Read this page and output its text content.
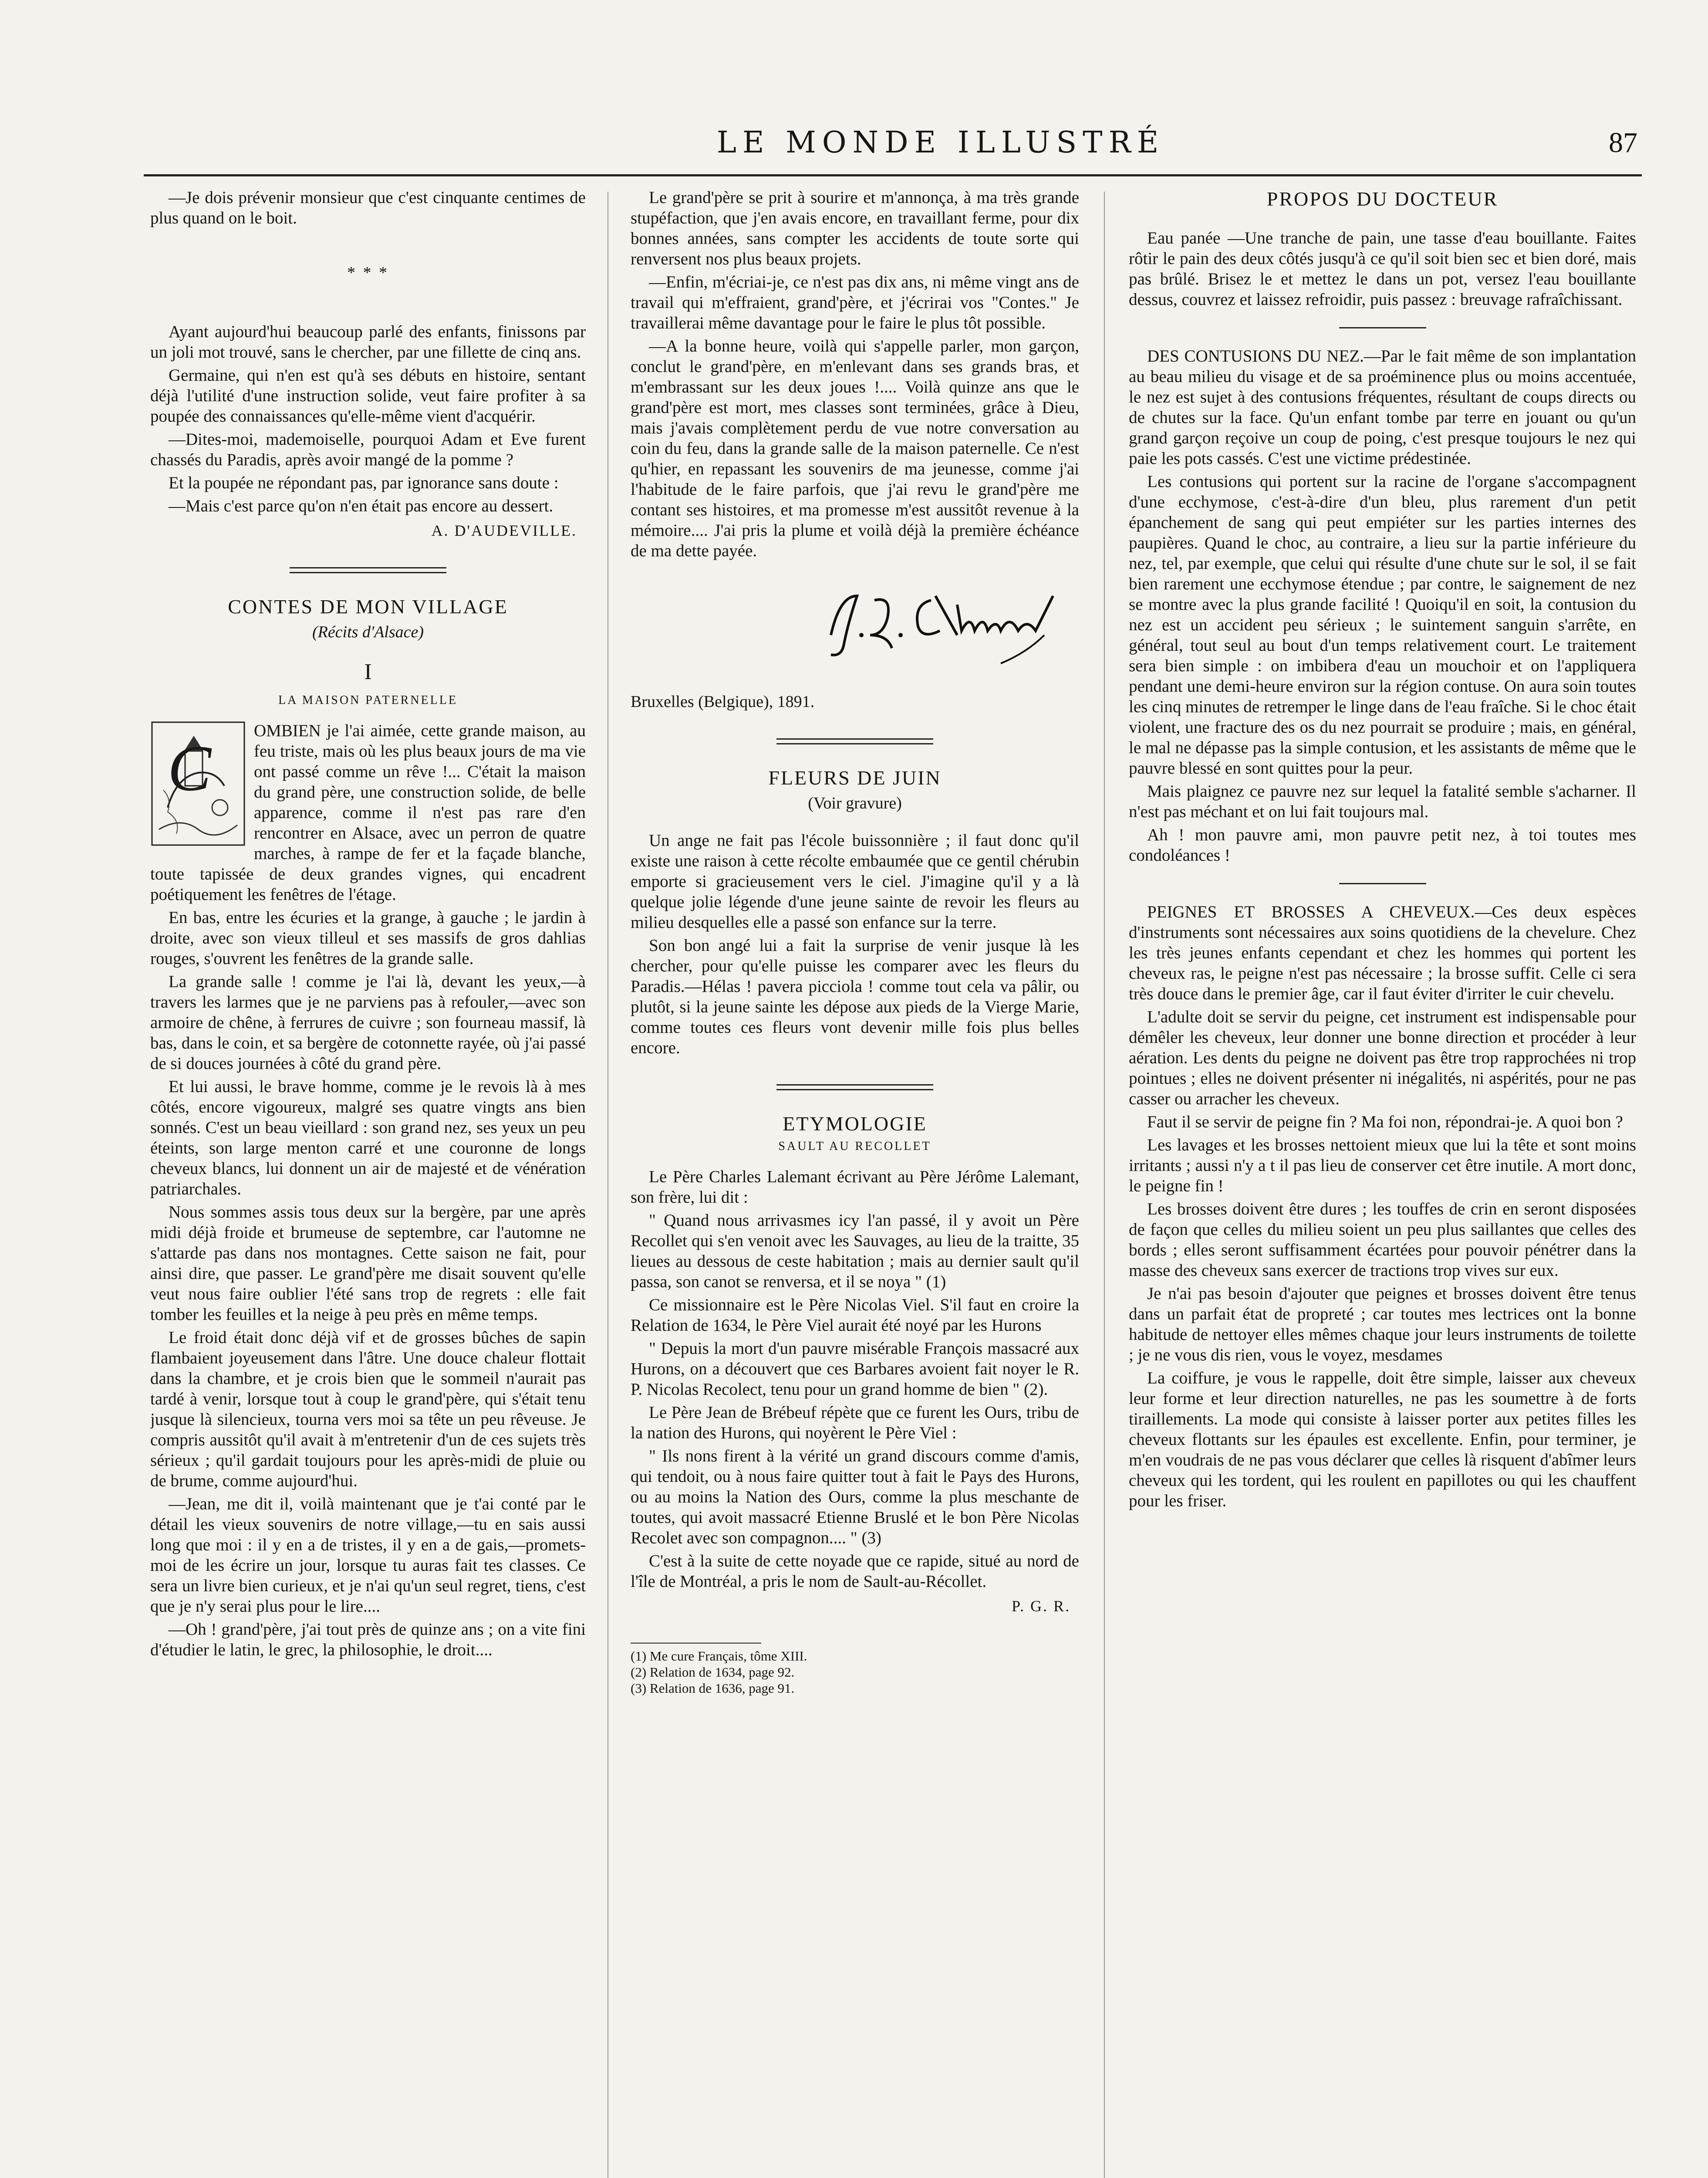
LE MONDE ILLUSTRÉ	87

—Je dois prévenir monsieur que c'est cinquante centimes de plus quand on le boit.

* * *

Ayant aujourd'hui beaucoup parlé des enfants, finissons par un joli mot trouvé, sans le chercher, par une fillette de cinq ans.

Germaine, qui n'en est qu'à ses débuts en histoire, sentant déjà l'utilité d'une instruction solide, veut faire profiter à sa poupée des connaissances qu'elle-même vient d'acquérir.

—Dites-moi, mademoiselle, pourquoi Adam et Eve furent chassés du Paradis, après avoir mangé de la pomme ?

Et la poupée ne répondant pas, par ignorance sans doute :

—Mais c'est parce qu'on n'en était pas encore au dessert.

A. D'AUDEVILLE.

CONTES DE MON VILLAGE
(Récits d'Alsace)
I
LA MAISON PATERNELLE
C

OMBIEN je l'ai aimée, cette grande maison, au feu triste, mais où les plus beaux jours de ma vie ont passé comme un rêve !... C'était la maison du grand père, une construction solide, de belle apparence, comme il n'est pas rare d'en rencontrer en Alsace, avec un perron de quatre marches, à rampe de fer et la façade blanche, toute tapissée de deux grandes vignes, qui encadrent poétiquement les fenêtres de l'étage.

En bas, entre les écuries et la grange, à gauche ; le jardin à droite, avec son vieux tilleul et ses massifs de gros dahlias rouges, s'ouvrent les fenêtres de la grande salle.

La grande salle ! comme je l'ai là, devant les yeux,—à travers les larmes que je ne parviens pas à refouler,—avec son armoire de chêne, à ferrures de cuivre ; son fourneau massif, là bas, dans le coin, et sa bergère de cotonnette rayée, où j'ai passé de si douces journées à côté du grand père.

Et lui aussi, le brave homme, comme je le revois là à mes côtés, encore vigoureux, malgré ses quatre vingts ans bien sonnés. C'est un beau vieillard : son grand nez, ses yeux un peu éteints, son large menton carré et une couronne de longs cheveux blancs, lui donnent un air de majesté et de vénération patriarchales.

Nous sommes assis tous deux sur la bergère, par une après midi déjà froide et brumeuse de septembre, car l'automne ne s'attarde pas dans nos montagnes. Cette saison ne fait, pour ainsi dire, que passer. Le grand'père me disait souvent qu'elle veut nous faire oublier l'été sans trop de regrets : elle fait tomber les feuilles et la neige à peu près en même temps.

Le froid était donc déjà vif et de grosses bûches de sapin flambaient joyeusement dans l'âtre. Une douce chaleur flottait dans la chambre, et je crois bien que le sommeil n'aurait pas tardé à venir, lorsque tout à coup le grand'père, qui s'était tenu jusque là silencieux, tourna vers moi sa tête un peu rêveuse. Je compris aussitôt qu'il avait à m'entretenir d'un de ces sujets très sérieux ; qu'il gardait toujours pour les après-midi de pluie ou de brume, comme aujourd'hui.

—Jean, me dit il, voilà maintenant que je t'ai conté par le détail les vieux souvenirs de notre village,—tu en sais aussi long que moi : il y en a de tristes, il y en a de gais,—promets-moi de les écrire un jour, lorsque tu auras fait tes classes. Ce sera un livre bien curieux, et je n'ai qu'un seul regret, tiens, c'est que je n'y serai plus pour le lire....

—Oh ! grand'père, j'ai tout près de quinze ans ; on a vite fini d'étudier le latin, le grec, la philosophie, le droit....

Le grand'père se prit à sourire et m'annonça, à ma très grande stupéfaction, que j'en avais encore, en travaillant ferme, pour dix bonnes années, sans compter les accidents de toute sorte qui renversent nos plus beaux projets.

—Enfin, m'écriai-je, ce n'est pas dix ans, ni même vingt ans de travail qui m'effraient, grand'père, et j'écrirai vos "Contes." Je travaillerai même davantage pour le faire le plus tôt possible.

—A la bonne heure, voilà qui s'appelle parler, mon garçon, conclut le grand'père, en m'enlevant dans ses grands bras, et m'embrassant sur les deux joues !.... Voilà quinze ans que le grand'père est mort, mes classes sont terminées, grâce à Dieu, mais j'avais complètement perdu de vue notre conversation au coin du feu, dans la grande salle de la maison paternelle. Ce n'est qu'hier, en repassant les souvenirs de ma jeunesse, comme j'ai l'habitude de le faire parfois, que j'ai revu le grand'père me contant ses histoires, et ma promesse m'est aussitôt revenue à la mémoire.... J'ai pris la plume et voilà déjà la première échéance de ma dette payée.

Bruxelles (Belgique), 1891.

FLEURS DE JUIN
(Voir gravure)

Un ange ne fait pas l'école buissonnière ; il faut donc qu'il existe une raison à cette récolte embaumée que ce gentil chérubin emporte si gracieusement vers le ciel. J'imagine qu'il y a là quelque jolie légende d'une jeune sainte de revoir les fleurs au milieu desquelles elle a passé son enfance sur la terre.

Son bon angé lui a fait la surprise de venir jusque là les chercher, pour qu'elle puisse les comparer avec les fleurs du Paradis.—Hélas ! pavera picciola ! comme tout cela va pâlir, ou plutôt, si la jeune sainte les dépose aux pieds de la Vierge Marie, comme toutes ces fleurs vont devenir mille fois plus belles encore.

ETYMOLOGIE
SAULT AU RECOLLET

Le Père Charles Lalemant écrivant au Père Jérôme Lalemant, son frère, lui dit :

" Quand nous arrivasmes icy l'an passé, il y avoit un Père Recollet qui s'en venoit avec les Sauvages, au lieu de la traitte, 35 lieues au dessous de ceste habitation ; mais au dernier sault qu'il passa, son canot se renversa, et il se noya " (1)

Ce missionnaire est le Père Nicolas Viel. S'il faut en croire la Relation de 1634, le Père Viel aurait été noyé par les Hurons

" Depuis la mort d'un pauvre misérable François massacré aux Hurons, on a découvert que ces Barbares avoient fait noyer le R. P. Nicolas Recolect, tenu pour un grand homme de bien " (2).

Le Père Jean de Brébeuf répète que ce furent les Ours, tribu de la nation des Hurons, qui noyèrent le Père Viel :

" Ils nons firent à la vérité un grand discours comme d'amis, qui tendoit, ou à nous faire quitter tout à fait le Pays des Hurons, ou au moins la Nation des Ours, comme la plus meschante de toutes, qui avoit massacré Etienne Bruslé et le bon Père Nicolas Recolet avec son compagnon.... " (3)

C'est à la suite de cette noyade que ce rapide, situé au nord de l'île de Montréal, a pris le nom de Sault-au-Récollet.

P. G. R.

(1) Me cure Français, tôme XIII.

(2) Relation de 1634, page 92.

(3) Relation de 1636, page 91.

PROPOS DU DOCTEUR

Eau panée —Une tranche de pain, une tasse d'eau bouillante. Faites rôtir le pain des deux côtés jusqu'à ce qu'il soit bien sec et bien doré, mais pas brûlé. Brisez le et mettez le dans un pot, versez l'eau bouillante dessus, couvrez et laissez refroidir, puis passez : breuvage rafraîchissant.

DES CONTUSIONS DU NEZ.—Par le fait même de son implantation au beau milieu du visage et de sa proéminence plus ou moins accentuée, le nez est sujet à des contusions fréquentes, résultant de coups directs ou de chutes sur la face. Qu'un enfant tombe par terre en jouant ou qu'un grand garçon reçoive un coup de poing, c'est presque toujours le nez qui paie les pots cassés. C'est une victime prédestinée.

Les contusions qui portent sur la racine de l'organe s'accompagnent d'une ecchymose, c'est-à-dire d'un bleu, plus rarement d'un petit épanchement de sang qui peut empiéter sur les parties internes des paupières. Quand le choc, au contraire, a lieu sur la partie inférieure du nez, tel, par exemple, que celui qui résulte d'une chute sur le sol, il se fait bien rarement une ecchymose étendue ; par contre, le saignement de nez se montre avec la plus grande facilité ! Quoiqu'il en soit, la contusion du nez est un accident peu sérieux ; le suintement sanguin s'arrête, en général, tout seul au bout d'un temps relativement court. Le traitement sera bien simple : on imbibera d'eau un mouchoir et on l'appliquera pendant une demi-heure environ sur la région contuse. On aura soin toutes les cinq minutes de retremper le linge dans de l'eau fraîche. Si le choc était violent, une fracture des os du nez pourrait se produire ; mais, en général, le mal ne dépasse pas la simple contusion, et les assistants de même que le pauvre blessé en sont quittes pour la peur.

Mais plaignez ce pauvre nez sur lequel la fatalité semble s'acharner. Il n'est pas méchant et on lui fait toujours mal.

Ah ! mon pauvre ami, mon pauvre petit nez, à toi toutes mes condoléances !

PEIGNES ET BROSSES A CHEVEUX.—Ces deux espèces d'instruments sont nécessaires aux soins quotidiens de la chevelure. Chez les très jeunes enfants cependant et chez les hommes qui portent les cheveux ras, le peigne n'est pas nécessaire ; la brosse suffit. Celle ci sera très douce dans le premier âge, car il faut éviter d'irriter le cuir chevelu.

L'adulte doit se servir du peigne, cet instrument est indispensable pour démêler les cheveux, leur donner une bonne direction et procéder à leur aération. Les dents du peigne ne doivent pas être trop rapprochées ni trop pointues ; elles ne doivent présenter ni inégalités, ni aspérités, pour ne pas casser ou arracher les cheveux.

Faut il se servir de peigne fin ? Ma foi non, répondrai-je. A quoi bon ?

Les lavages et les brosses nettoient mieux que lui la tête et sont moins irritants ; aussi n'y a t il pas lieu de conserver cet être inutile. A mort donc, le peigne fin !

Les brosses doivent être dures ; les touffes de crin en seront disposées de façon que celles du milieu soient un peu plus saillantes que celles des bords ; elles seront suffisamment écartées pour pouvoir pénétrer dans la masse des cheveux sans exercer de tractions trop vives sur eux.

Je n'ai pas besoin d'ajouter que peignes et brosses doivent être tenus dans un parfait état de propreté ; car toutes mes lectrices ont la bonne habitude de nettoyer elles mêmes chaque jour leurs instruments de toilette ; je ne vous dis rien, vous le voyez, mesdames

La coiffure, je vous le rappelle, doit être simple, laisser aux cheveux leur forme et leur direction naturelles, ne pas les soumettre à de forts tiraillements. La mode qui consiste à laisser porter aux petites filles les cheveux flottants sur les épaules est excellente. Enfin, pour terminer, je m'en voudrais de ne pas vous déclarer que celles là risquent d'abîmer leurs cheveux qui les tordent, qui les roulent en papillotes ou qui les chauffent pour les friser.
